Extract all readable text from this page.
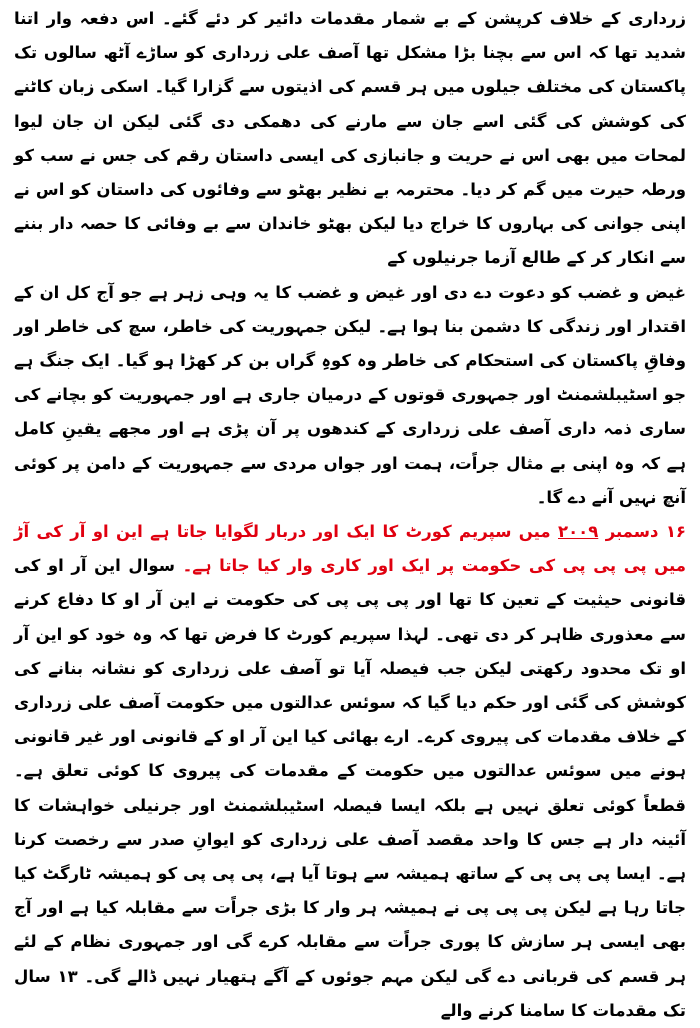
زرداری کے خلاف کرپشن کے بے شمار مقدمات دائیر کر دئے گئے۔ اس دفعہ وار اتنا شدید تھا کہ اس سے بچنا بڑا مشکل تھا آصف علی زرداری کو ساڑے آٹھ سالوں تک پاکستان کی مختلف جیلوں میں ہر قسم کی اذیتوں سے گزارا گیا۔ اسکی زبان کاٹنے کی کوشش کی گئی اسے جان سے مارنے کی دھمکی دی گئی لیکن ان جان لیوا لمحات میں بھی اس نے حریت و جانبازی کی ایسی داستان رقم کی جس نے سب کو ورطہ حیرت میں گم کر دیا۔ محترمہ بے نظیر بھٹو سے وفائوں کی داستان کو اس نے اپنی جوانی کی بہاروں کا خراج دیا لیکن بھٹو خاندان سے بے وفائی کا حصہ دار بننے سے انکار کر کے طالع آزما جرنیلوں کے

غیض و غضب کو دعوت دے دی اور غیض و غضب کا یہ وہی زہر ہے جو آج کل ان کے اقتدار اور زندگی کا دشمن بنا ہوا ہے۔ لیکن جمہوریت کی خاطر، سچ کی خاطر اور وفاقِ پاکستان کی استحکام کی خاطر وہ کوہِ گراں بن کر کھڑا ہو گیا۔ ایک جنگ ہے جو اسٹیبلشمنٹ اور جمہوری قوتوں کے درمیان جاری ہے اور جمہوریت کو بچانے کی ساری ذمہ داری آصف علی زرداری کے کندھوں پر آن پڑی ہے اور مجھے یقینِ کامل ہے کہ وہ اپنی بے مثال جراًت، ہمت اور جواں مردی سے جمہوریت کے دامن پر کوئی آنچ نہیں آنے دے گا۔

۱۶ دسمبر ۲۰۰۹ میں سپریم کورٹ کا ایک اور دربار لگوایا جاتا ہے این او آر کی آڑ میں پی پی پی کی حکومت پر ایک اور کاری وار کیا جاتا ہے۔ سوال این آر او کی قانونی حیثیت کے تعین کا تھا اور پی پی پی کی حکومت نے این آر او کا دفاع کرنے سے معذوری ظاہر کر دی تھی۔ لہذا سپریم کورٹ کا فرض تھا کہ وہ خود کو این آر او تک محدود رکھتی لیکن جب فیصلہ آیا تو آصف علی زرداری کو نشانہ بنانے کی کوشش کی گئی اور حکم دیا گیا کہ سوئس عدالتوں میں حکومت آصف علی زرداری کے خلاف مقدمات کی پیروی کرے۔ ارے بھائی کیا این آر او کے قانونی اور غیر قانونی ہونے میں سوئس عدالتوں میں حکومت کے مقدمات کی پیروی کا کوئی تعلق ہے۔ قطعاً کوئی تعلق نہیں ہے بلکہ ایسا فیصلہ اسٹیبلشمنٹ اور جرنیلی خواہشات کا آئینہ دار ہے جس کا واحد مقصد آصف علی زرداری کو ایوانِ صدر سے رخصت کرنا ہے۔ ایسا پی پی پی کے ساتھ ہمیشہ سے ہوتا آیا ہے، پی پی پی کو ہمیشہ ٹارگٹ کیا جاتا رہا ہے لیکن پی پی پی نے ہمیشہ ہر وار کا بڑی جراًت سے مقابلہ کیا ہے اور آج بھی ایسی ہر سازش کا پوری جراًت سے مقابلہ کرے گی اور جمہوری نظام کے لئے ہر قسم کی قربانی دے گی لیکن مہم جوئوں کے آگے ہتھیار نہیں ڈالے گی۔ ۱۳ سال تک مقدمات کا سامنا کرنے والے
